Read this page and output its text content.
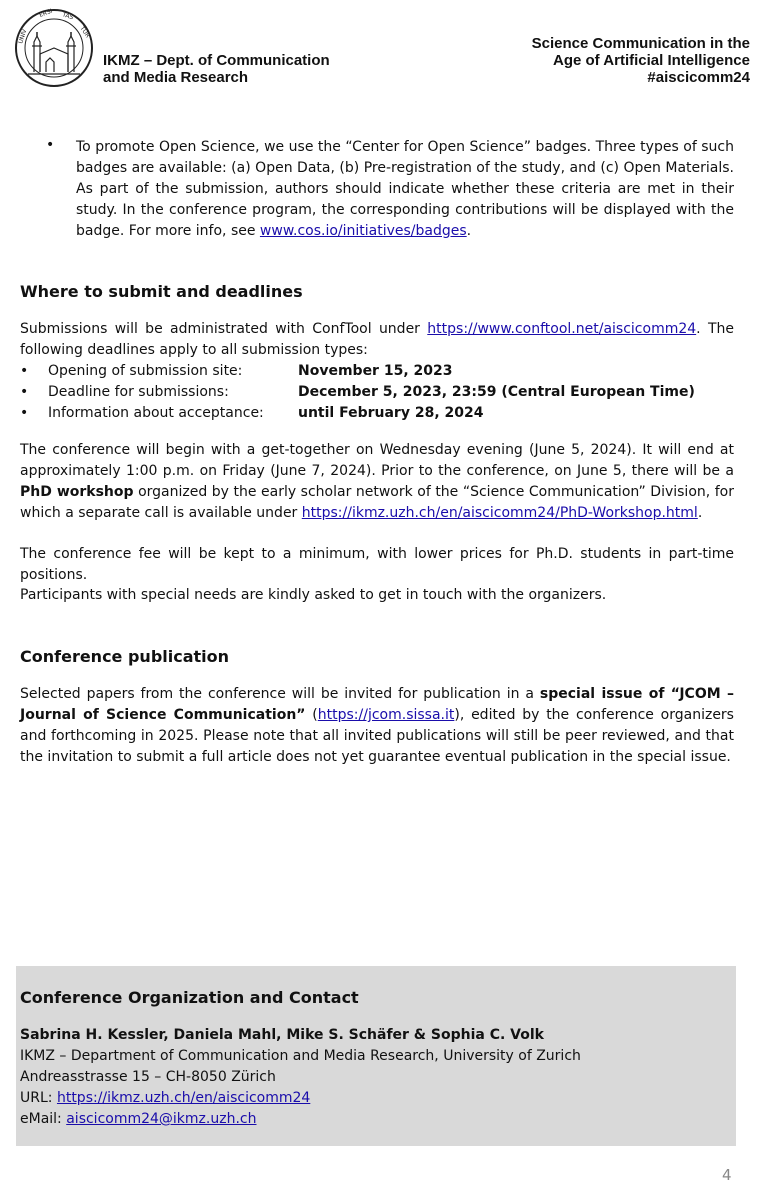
UNIV
ERSI TAS
TUR
IKMZ – Dept. of Communication
and Media Research
Science Communication in the
Age of Artificial Intelligence
#aiscicomm24
• To promote Open Science, we use the “Center for Open Science” badges. Three types of such badges are available: (a) Open Data, (b) Pre-registration of the study, and (c) Open Materials. As part of the submission, authors should indicate whether these criteria are met in their study. In the conference program, the corresponding contributions will be displayed with the badge. For more info, see www.cos.io/initiatives/badges.
Where to submit and deadlines
Submissions will be administrated with ConfTool under https://www.conftool.net/aiscicomm24. The following deadlines apply to all submission types:
• Opening of submission site:	November 15, 2023
• Deadline for submissions:	December 5, 2023, 23:59 (Central European Time)
• Information about acceptance: until February 28, 2024
The conference will begin with a get-together on Wednesday evening (June 5, 2024). It will end at approximately 1:00 p.m. on Friday (June 7, 2024). Prior to the conference, on June 5, there will be a PhD workshop organized by the early scholar network of the “Science Communication” Division, for which a separate call is available under https://ikmz.uzh.ch/en/aiscicomm24/PhD-Workshop.html.
The conference fee will be kept to a minimum, with lower prices for Ph.D. students in part-time positions.
Participants with special needs are kindly asked to get in touch with the organizers.
Conference publication
Selected papers from the conference will be invited for publication in a special issue of “JCOM – Journal of Science Communication” (https://jcom.sissa.it), edited by the conference organizers and forthcoming in 2025. Please note that all invited publications will still be peer reviewed, and that the invitation to submit a full article does not yet guarantee eventual publication in the special issue.
Conference Organization and Contact
Sabrina H. Kessler, Daniela Mahl, Mike S. Schäfer & Sophia C. Volk
IKMZ – Department of Communication and Media Research, University of Zurich
Andreasstrasse 15 – CH-8050 Zürich
URL: https://ikmz.uzh.ch/en/aiscicomm24
eMail: aiscicomm24@ikmz.uzh.ch
4
